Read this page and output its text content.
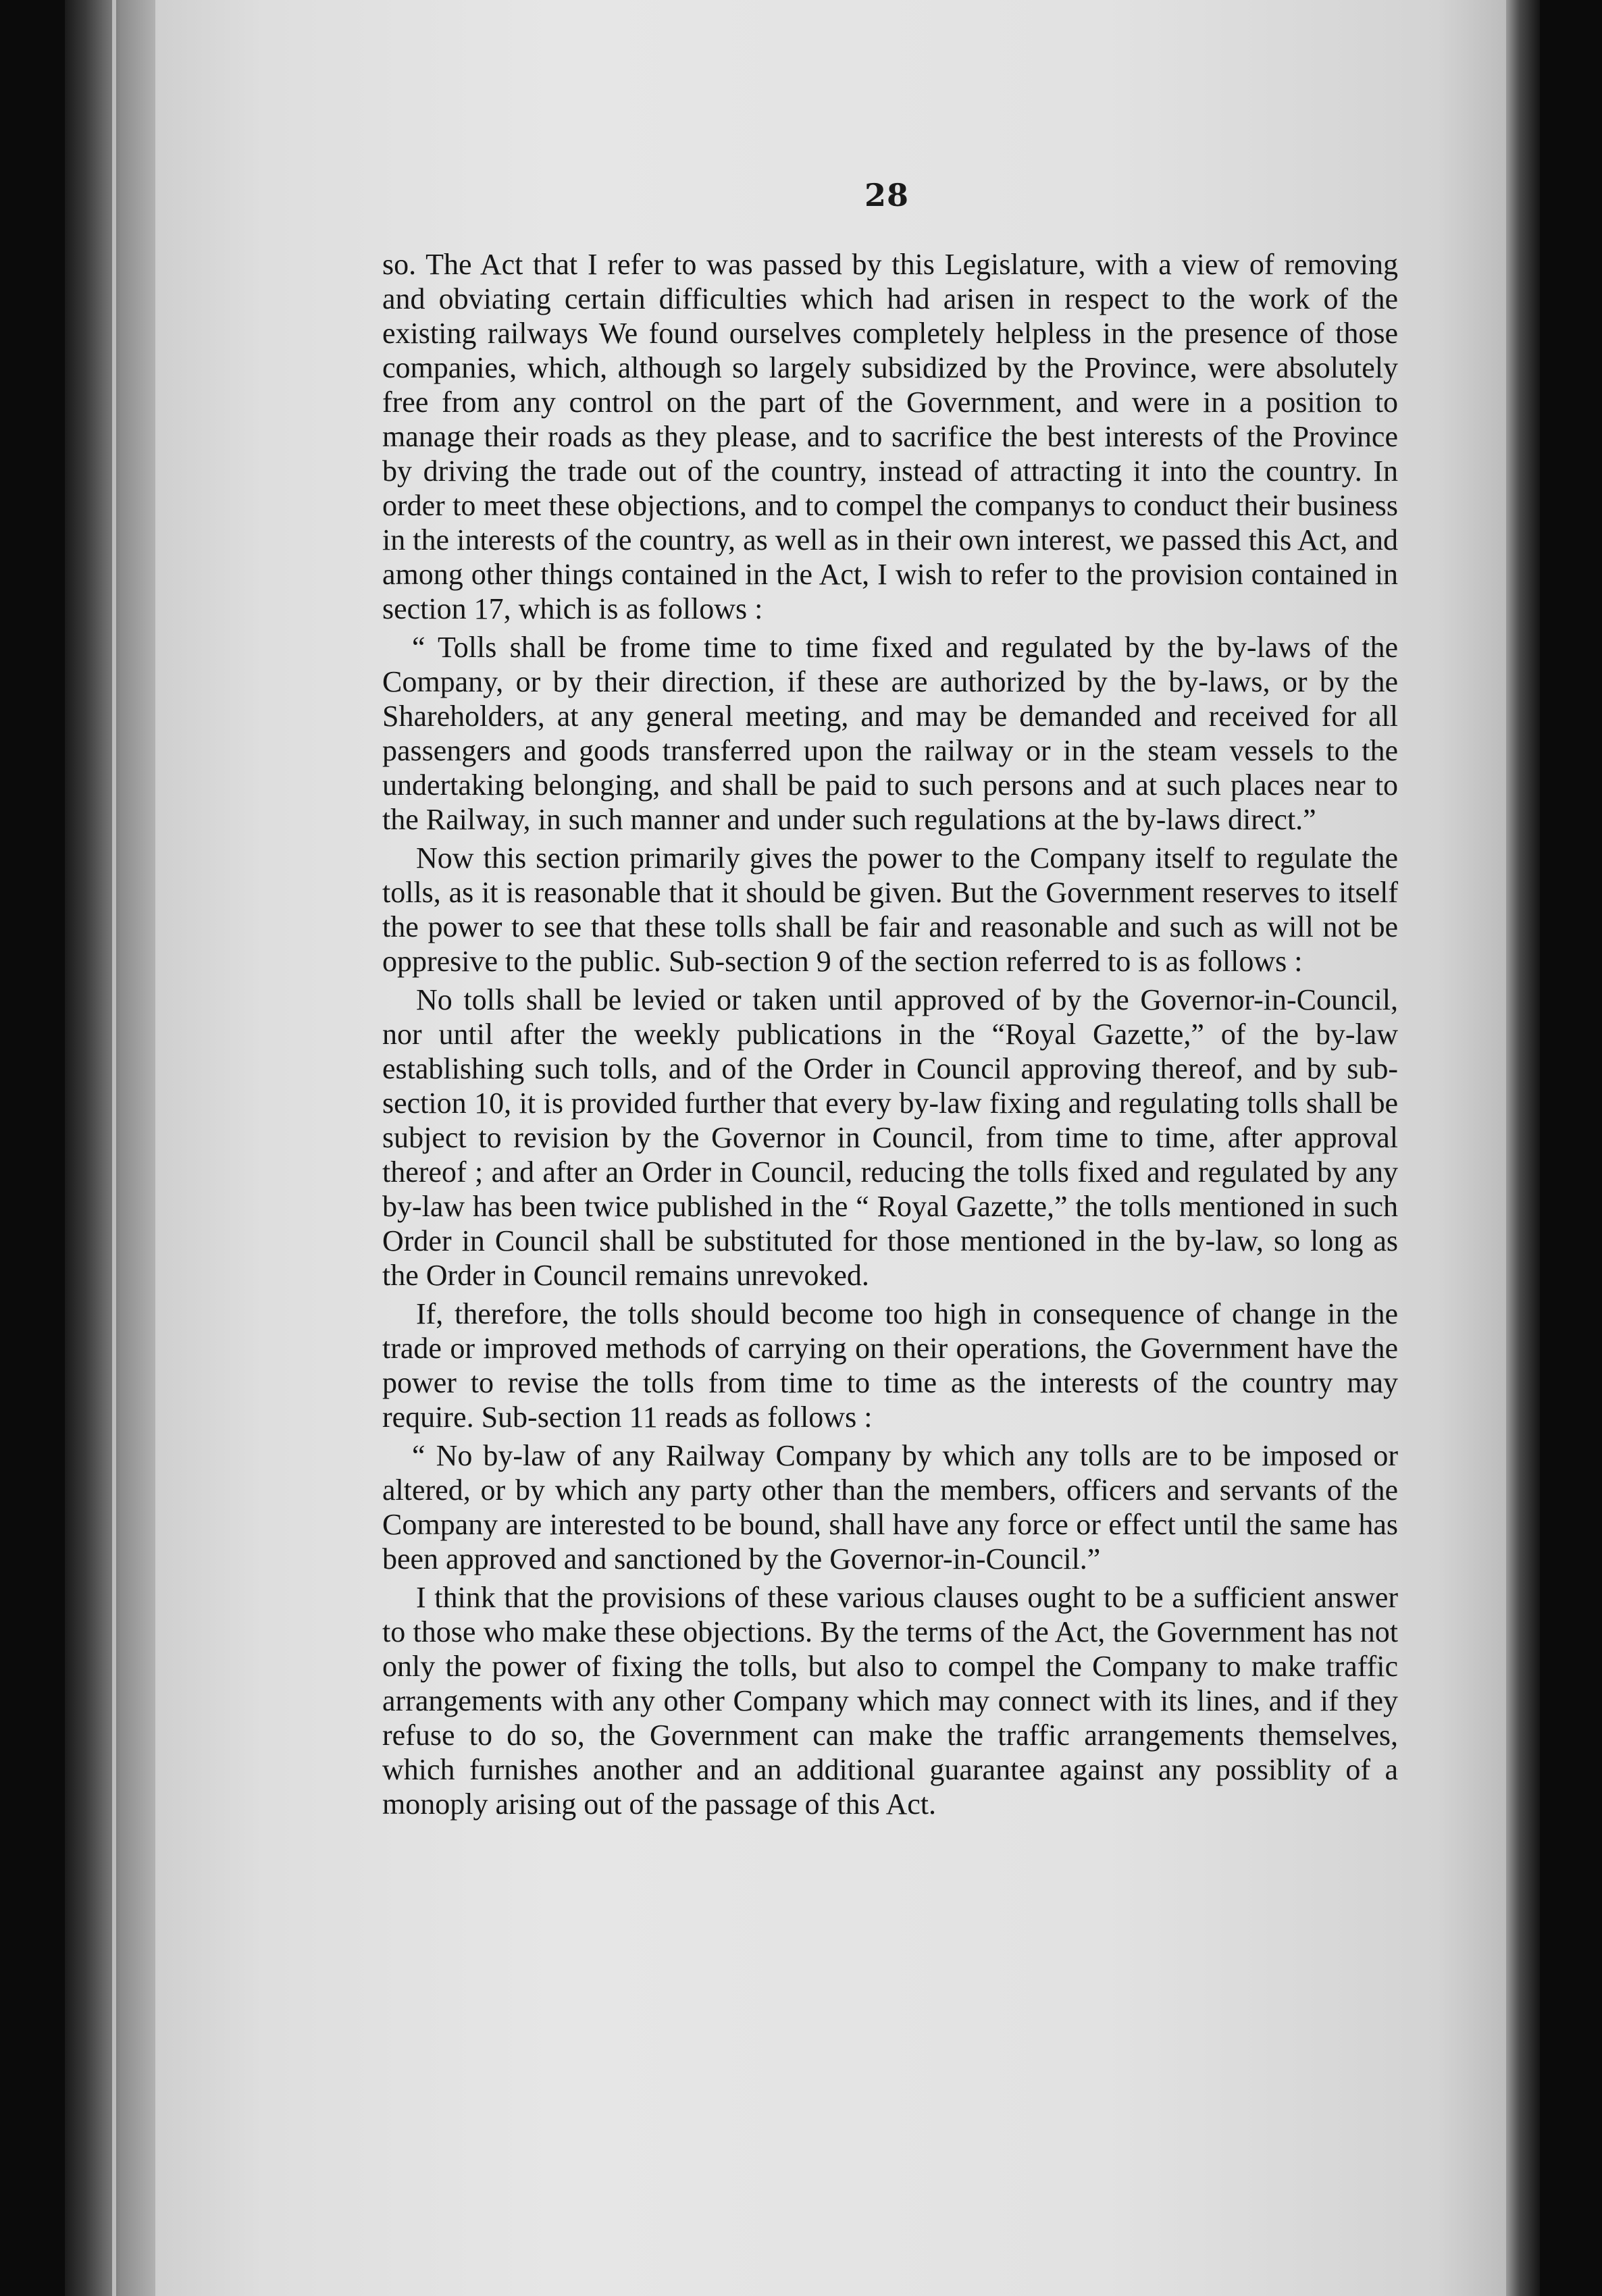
28

so. The Act that I refer to was passed by this Legislature, with a view of removing and obviating certain difficulties which had arisen in respect to the work of the existing railways We found ourselves completely helpless in the presence of those companies, which, although so largely subsidized by the Province, were absolutely free from any control on the part of the Government, and were in a position to manage their roads as they please, and to sacrifice the best interests of the Province by driving the trade out of the country, instead of attracting it into the country. In order to meet these objections, and to compel the companys to conduct their business in the interests of the country, as well as in their own interest, we passed this Act, and among other things contained in the Act, I wish to refer to the provision contained in section 17, which is as follows :

“ Tolls shall be frome time to time fixed and regulated by the by-laws of the Company, or by their direction, if these are authorized by the by-laws, or by the Shareholders, at any general meeting, and may be demanded and received for all passengers and goods transferred upon the railway or in the steam vessels to the undertaking belonging, and shall be paid to such persons and at such places near to the Railway, in such manner and under such regulations at the by-laws direct.”

Now this section primarily gives the power to the Company itself to regulate the tolls, as it is reasonable that it should be given. But the Government reserves to itself the power to see that these tolls shall be fair and reasonable and such as will not be oppresive to the public. Sub-section 9 of the section referred to is as follows :

No tolls shall be levied or taken until approved of by the Governor-in-Council, nor until after the weekly publications in the “Royal Gazette,” of the by-law establishing such tolls, and of the Order in Council approving thereof, and by sub-section 10, it is provided further that every by-law fixing and regulating tolls shall be subject to revision by the Governor in Council, from time to time, after approval thereof ; and after an Order in Council, reducing the tolls fixed and regulated by any by-law has been twice published in the “ Royal Gazette,” the tolls mentioned in such Order in Council shall be substituted for those mentioned in the by-law, so long as the Order in Council remains unrevoked.

If, therefore, the tolls should become too high in consequence of change in the trade or improved methods of carrying on their operations, the Government have the power to revise the tolls from time to time as the interests of the country may require. Sub-section 11 reads as follows :

“ No by-law of any Railway Company by which any tolls are to be imposed or altered, or by which any party other than the members, officers and servants of the Company are interested to be bound, shall have any force or effect until the same has been approved and sanctioned by the Governor-in-Council.”

I think that the provisions of these various clauses ought to be a sufficient answer to those who make these objections. By the terms of the Act, the Government has not only the power of fixing the tolls, but also to compel the Company to make traffic arrangements with any other Company which may connect with its lines, and if they refuse to do so, the Government can make the traffic arrangements themselves, which furnishes another and an additional guarantee against any possiblity of a monoply arising out of the passage of this Act.
